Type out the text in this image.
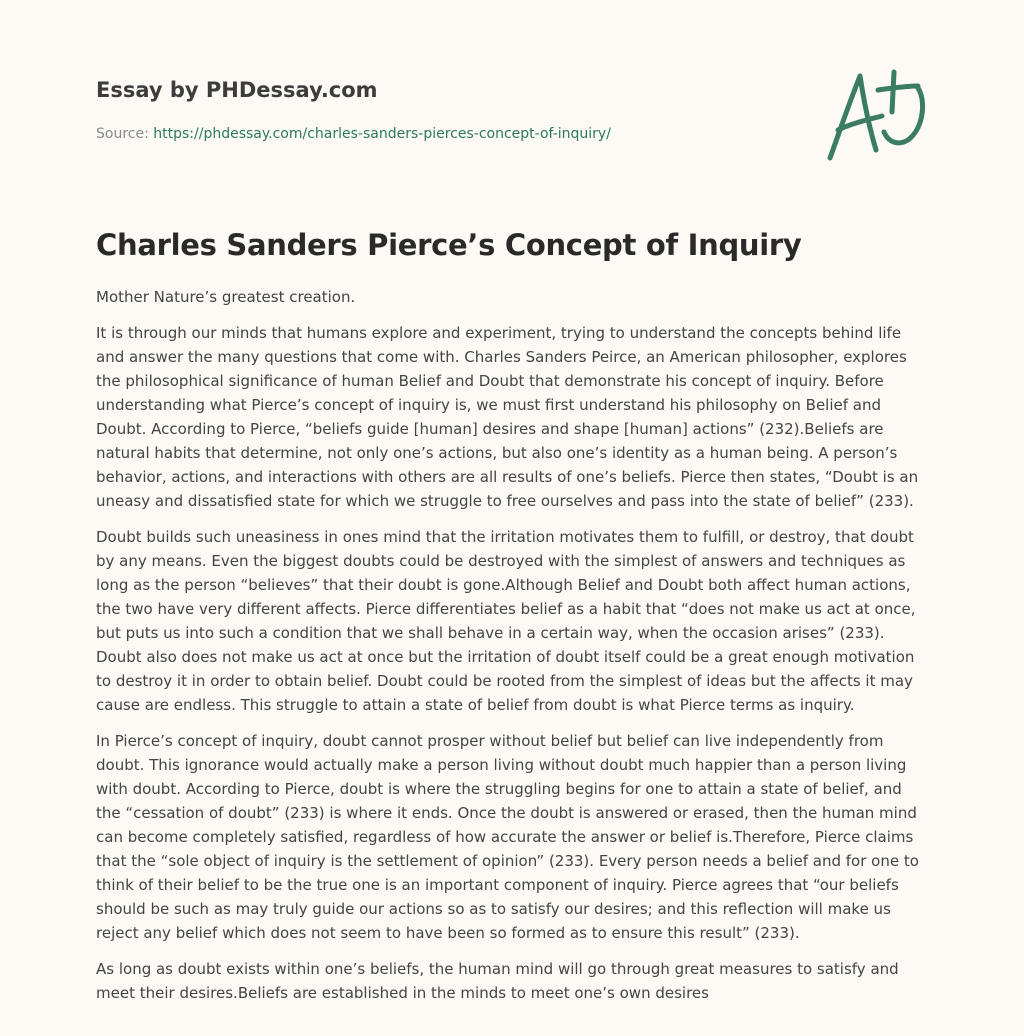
Essay by PHDessay.com
Source: https://phdessay.com/charles-sanders-pierces-concept-of-inquiry/
Charles Sanders Pierce’s Concept of Inquiry

Mother Nature’s greatest creation.

It is through our minds that humans explore and experiment, trying to understand the concepts behind life and answer the many questions that come with. Charles Sanders Peirce, an American philosopher, explores the philosophical significance of human Belief and Doubt that demonstrate his concept of inquiry. Before understanding what Pierce’s concept of inquiry is, we must first understand his philosophy on Belief and Doubt. According to Pierce, “beliefs guide [human] desires and shape [human] actions” (232).Beliefs are natural habits that determine, not only one’s actions, but also one’s identity as a human being. A person’s behavior, actions, and interactions with others are all results of one’s beliefs. Pierce then states, “Doubt is an uneasy and dissatisfied state for which we struggle to free ourselves and pass into the state of belief” (233).

Doubt builds such uneasiness in ones mind that the irritation motivates them to fulfill, or destroy, that doubt by any means. Even the biggest doubts could be destroyed with the simplest of answers and techniques as long as the person “believes” that their doubt is gone.Although Belief and Doubt both affect human actions, the two have very different affects. Pierce differentiates belief as a habit that “does not make us act at once, but puts us into such a condition that we shall behave in a certain way, when the occasion arises” (233). Doubt also does not make us act at once but the irritation of doubt itself could be a great enough motivation to destroy it in order to obtain belief. Doubt could be rooted from the simplest of ideas but the affects it may cause are endless. This struggle to attain a state of belief from doubt is what Pierce terms as inquiry.

In Pierce’s concept of inquiry, doubt cannot prosper without belief but belief can live independently from doubt. This ignorance would actually make a person living without doubt much happier than a person living with doubt. According to Pierce, doubt is where the struggling begins for one to attain a state of belief, and the “cessation of doubt” (233) is where it ends. Once the doubt is answered or erased, then the human mind can become completely satisfied, regardless of how accurate the answer or belief is.Therefore, Pierce claims that the “sole object of inquiry is the settlement of opinion” (233). Every person needs a belief and for one to think of their belief to be the true one is an important component of inquiry. Pierce agrees that “our beliefs should be such as may truly guide our actions so as to satisfy our desires; and this reflection will make us reject any belief which does not seem to have been so formed as to ensure this result” (233).

As long as doubt exists within one’s beliefs, the human mind will go through great measures to satisfy and meet their desires.Beliefs are established in the minds to meet one’s own desires
